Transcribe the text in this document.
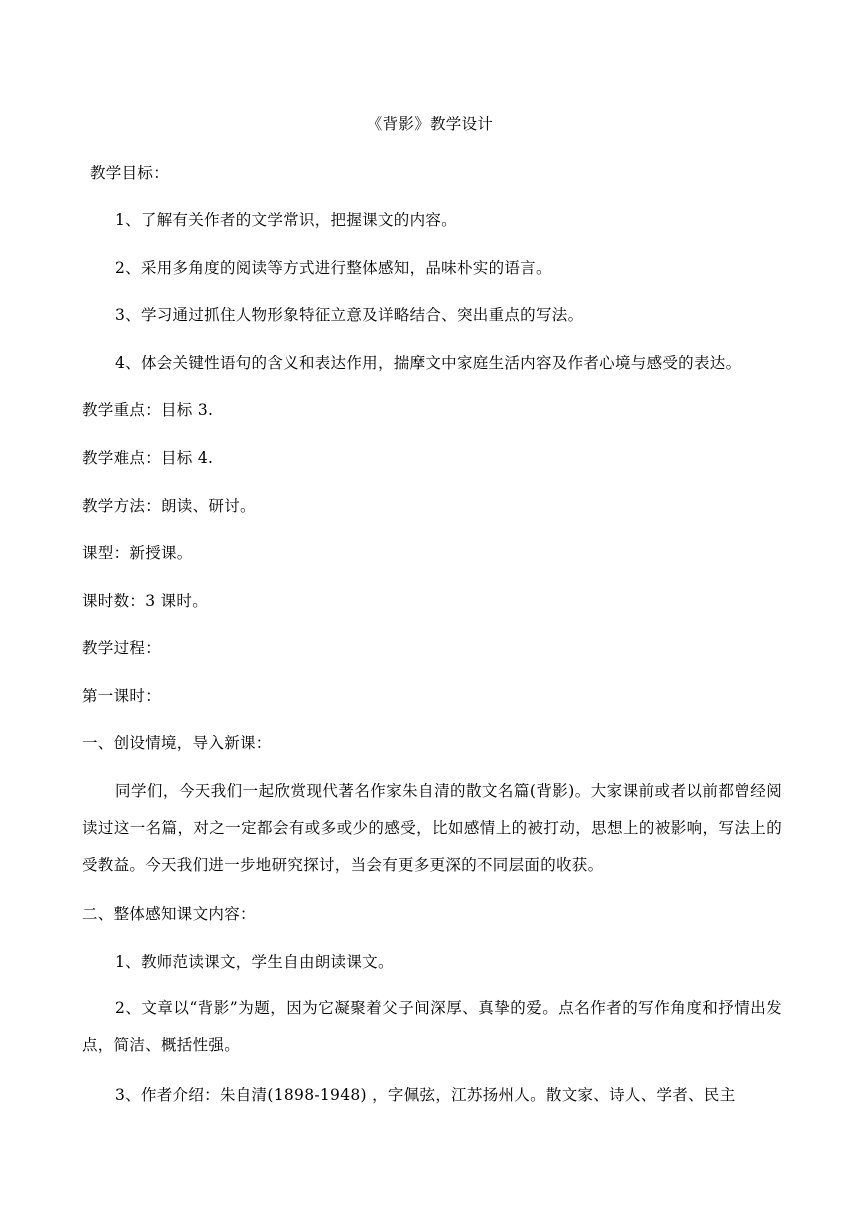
《背影》教学设计
教学目标：
1、了解有关作者的文学常识，把握课文的内容。
2、采用多角度的阅读等方式进行整体感知，品味朴实的语言。
3、学习通过抓住人物形象特征立意及详略结合、突出重点的写法。
4、体会关键性语句的含义和表达作用，揣摩文中家庭生活内容及作者心境与感受的表达。
教学重点：目标 3.
教学难点：目标 4.
教学方法：朗读、研讨。
课型：新授课。
课时数：3 课时。
教学过程：
第一课时：
一、创设情境，导入新课：
同学们，今天我们一起欣赏现代著名作家朱自清的散文名篇(背影)。大家课前或者以前都曾经阅读过这一名篇，对之一定都会有或多或少的感受，比如感情上的被打动，思想上的被影响，写法上的受教益。今天我们进一步地研究探讨，当会有更多更深的不同层面的收获。
二、整体感知课文内容：
1、教师范读课文，学生自由朗读课文。
2、文章以“背影”为题，因为它凝聚着父子间深厚、真挚的爱。点名作者的写作角度和抒情出发点，简洁、概括性强。
3、作者介绍：朱自清(1898-1948) ，字佩弦，江苏扬州人。散文家、诗人、学者、民主
